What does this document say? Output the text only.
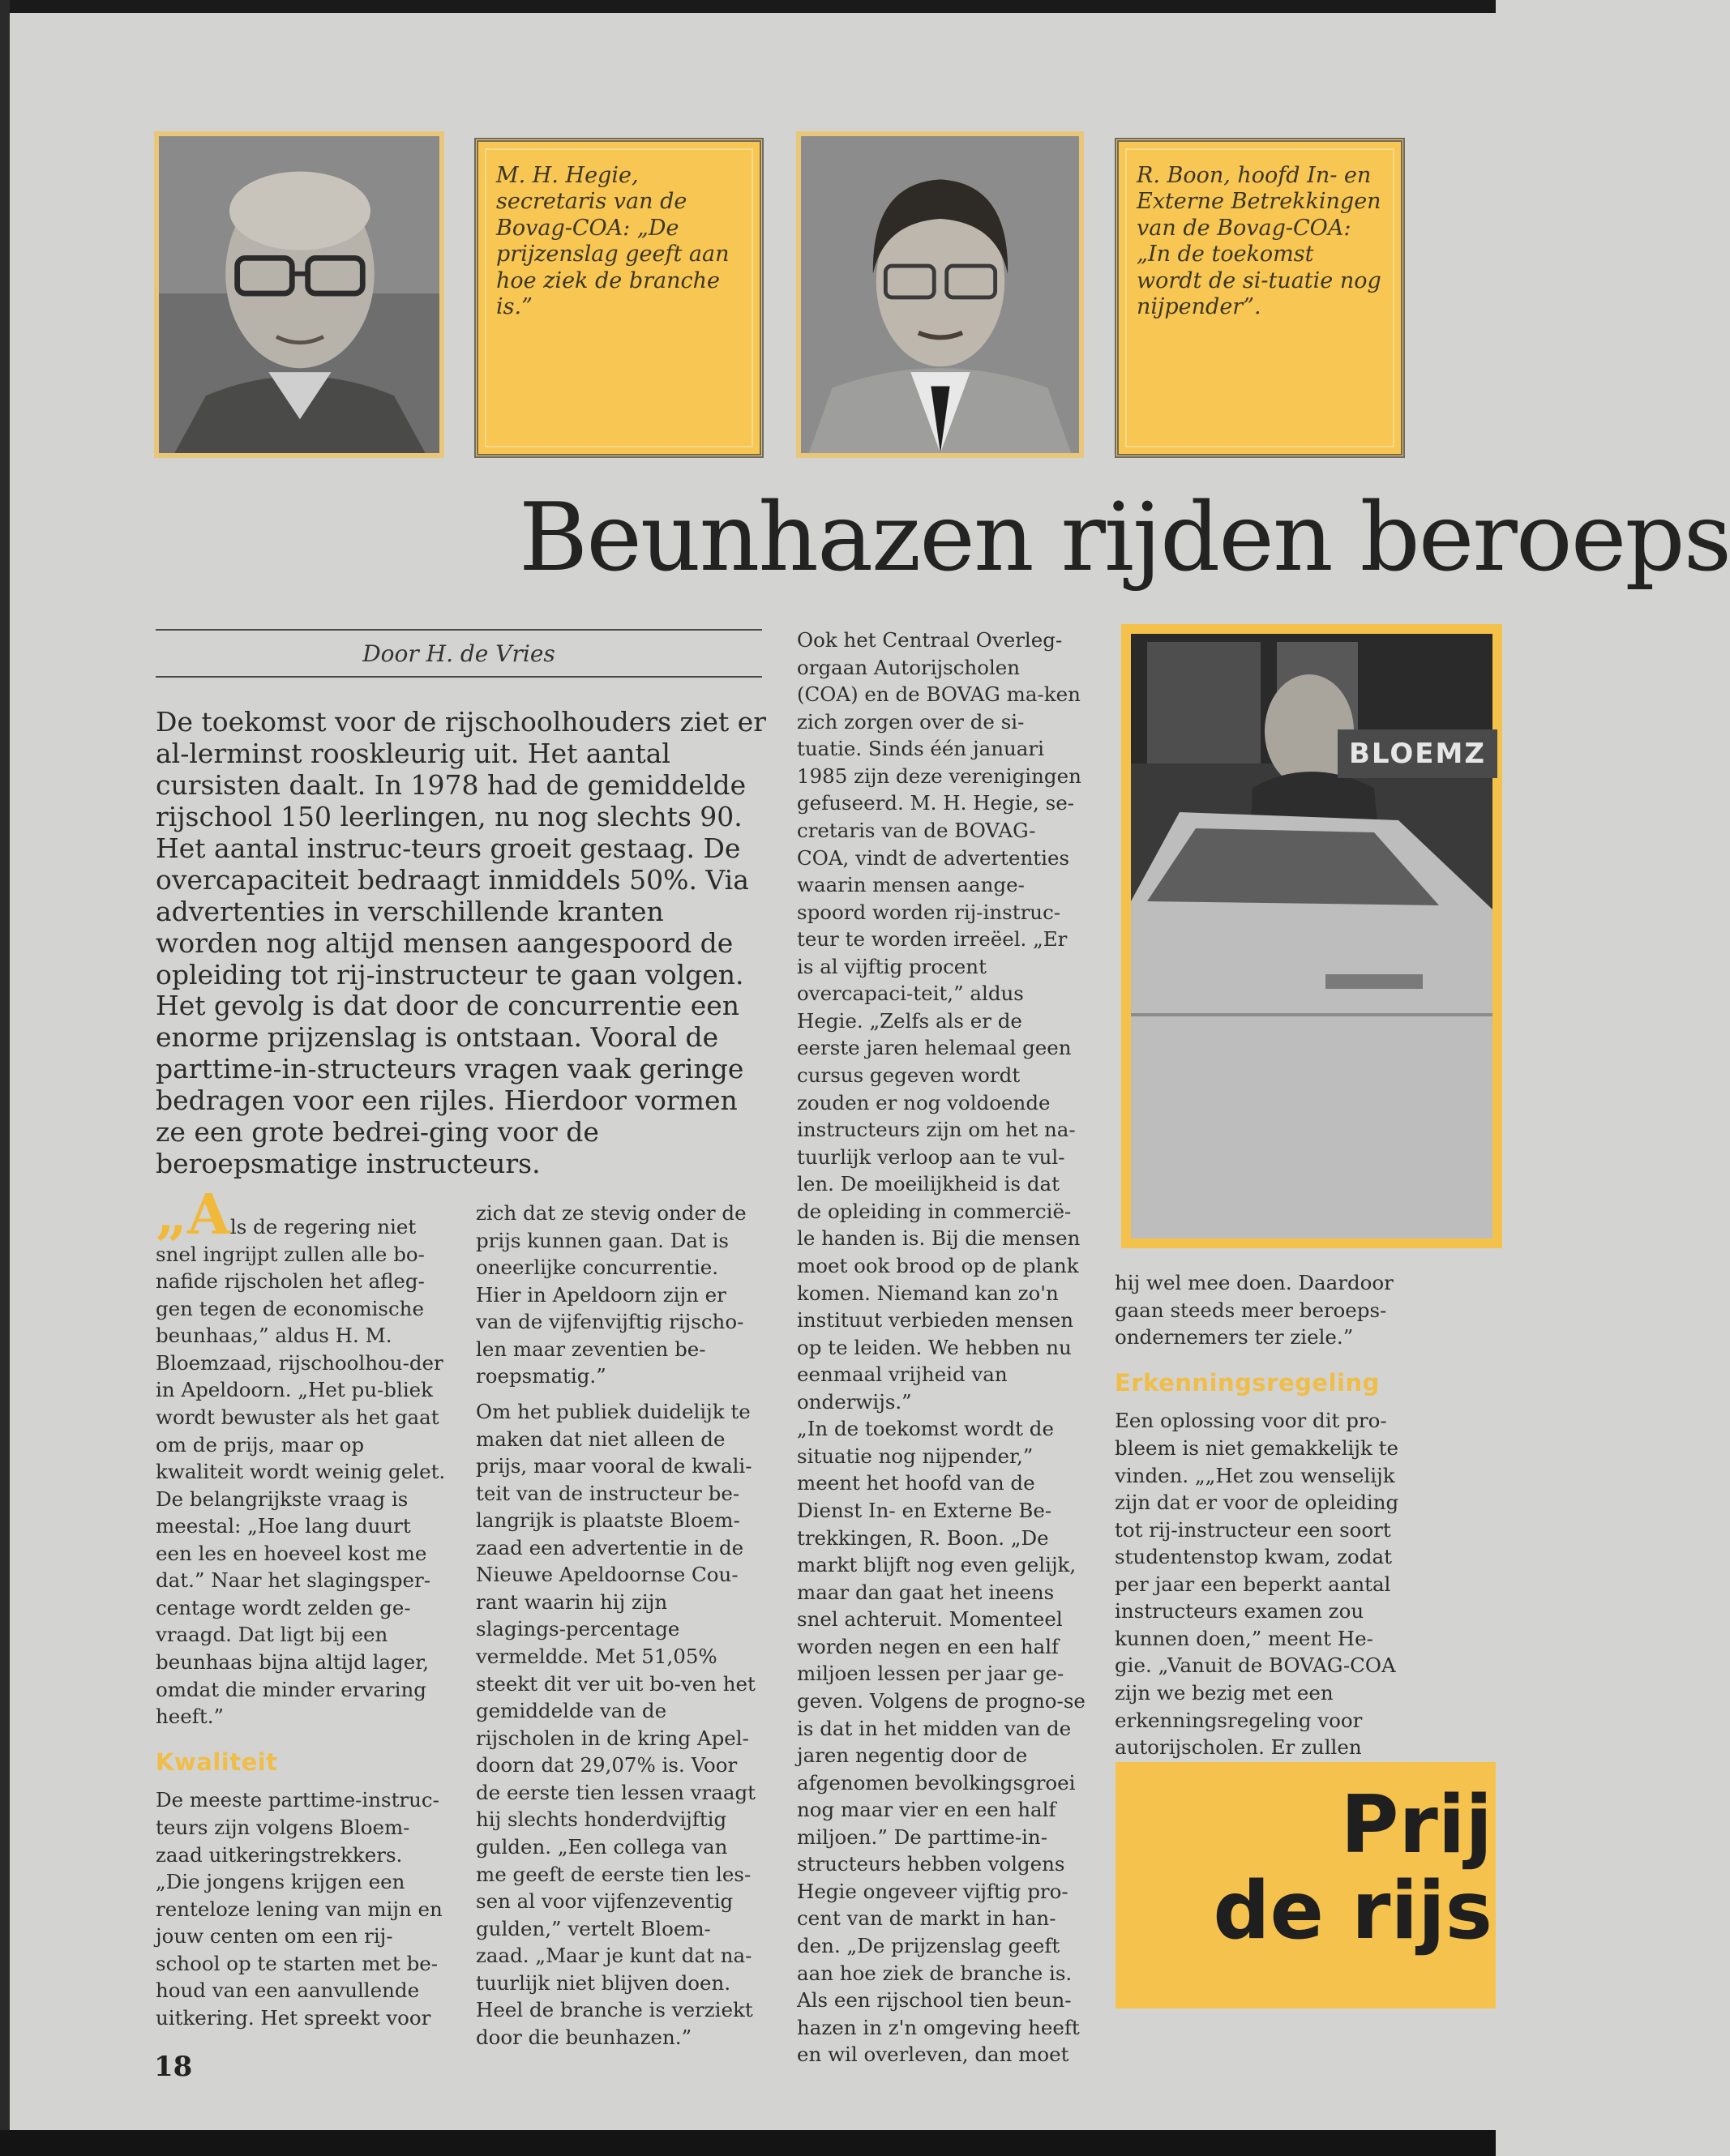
M. H. Hegie, secretaris van de Bovag-COA: „De prijzenslag geeft aan hoe ziek de branche is.”
R. Boon, hoofd In- en Externe Betrekkingen van de Bovag-COA: „In de toekomst wordt de si-tuatie nog nijpender”.
Beunhazen rijden beroeps
Door H. de Vries

De toekomst voor de rijschoolhouders ziet er al-lerminst rooskleurig uit. Het aantal cursisten daalt. In 1978 had de gemiddelde rijschool 150 leerlingen, nu nog slechts 90. Het aantal instruc-teurs groeit gestaag. De overcapaciteit bedraagt inmiddels 50%. Via advertenties in verschillende kranten worden nog altijd mensen aangespoord de opleiding tot rij-instructeur te gaan volgen. Het gevolg is dat door de concurrentie een enorme prijzenslag is ontstaan. Vooral de parttime-in-structeurs vragen vaak geringe bedragen voor een rijles. Hierdoor vormen ze een grote bedrei-ging voor de beroepsmatige instructeurs.

„Als de regering niet snel ingrijpt zullen alle bo-nafide rijscholen het afleg-gen tegen de economische beunhaas,” aldus H. M. Bloemzaad, rijschoolhou-der in Apeldoorn. „Het pu-bliek wordt bewuster als het gaat om de prijs, maar op kwaliteit wordt weinig gelet. De belangrijkste vraag is meestal: „Hoe lang duurt een les en hoeveel kost me dat.” Naar het slagingsper-centage wordt zelden ge-vraagd. Dat ligt bij een beunhaas bijna altijd lager, omdat die minder ervaring heeft.”

Kwaliteit

De meeste parttime-instruc-teurs zijn volgens Bloem-zaad uitkeringstrekkers. „Die jongens krijgen een renteloze lening van mijn en jouw centen om een rij-school op te starten met be-houd van een aanvullende uitkering. Het spreekt voor

zich dat ze stevig onder de prijs kunnen gaan. Dat is oneerlijke concurrentie. Hier in Apeldoorn zijn er van de vijfenvijftig rijscho-len maar zeventien be-roepsmatig.”

Om het publiek duidelijk te maken dat niet alleen de prijs, maar vooral de kwali-teit van de instructeur be-langrijk is plaatste Bloem-zaad een advertentie in de Nieuwe Apeldoornse Cou-rant waarin hij zijn slagings-percentage vermeldde. Met 51,05% steekt dit ver uit bo-ven het gemiddelde van de rijscholen in de kring Apel-doorn dat 29,07% is. Voor de eerste tien lessen vraagt hij slechts honderdvijftig gulden. „Een collega van me geeft de eerste tien les-sen al voor vijfenzeventig gulden,” vertelt Bloem-zaad. „Maar je kunt dat na-tuurlijk niet blijven doen. Heel de branche is verziekt door die beunhazen.”

Ook het Centraal Overleg-orgaan Autorijscholen (COA) en de BOVAG ma-ken zich zorgen over de si-tuatie. Sinds één januari 1985 zijn deze verenigingen gefuseerd. M. H. Hegie, se-cretaris van de BOVAG-COA, vindt de advertenties waarin mensen aange-spoord worden rij-instruc-teur te worden irreëel. „Er is al vijftig procent overcapaci-teit,” aldus Hegie. „Zelfs als er de eerste jaren helemaal geen cursus gegeven wordt zouden er nog voldoende instructeurs zijn om het na-tuurlijk verloop aan te vul-len. De moeilijkheid is dat de opleiding in commercië-le handen is. Bij die mensen moet ook brood op de plank komen. Niemand kan zo'n instituut verbieden mensen op te leiden. We hebben nu eenmaal vrijheid van onderwijs.”

„In de toekomst wordt de situatie nog nijpender,” meent het hoofd van de Dienst In- en Externe Be-trekkingen, R. Boon. „De markt blijft nog even gelijk, maar dan gaat het ineens snel achteruit. Momenteel worden negen en een half miljoen lessen per jaar ge-geven. Volgens de progno-se is dat in het midden van de jaren negentig door de afgenomen bevolkingsgroei nog maar vier en een half miljoen.” De parttime-in-structeurs hebben volgens Hegie ongeveer vijftig pro-cent van de markt in han-den. „De prijzenslag geeft aan hoe ziek de branche is. Als een rijschool tien beun-hazen in z'n omgeving heeft en wil overleven, dan moet

BLOEMZ

hij wel mee doen. Daardoor gaan steeds meer beroeps-ondernemers ter ziele.”

Erkenningsregeling

Een oplossing voor dit pro-bleem is niet gemakkelijk te vinden. „„Het zou wenselijk zijn dat er voor de opleiding tot rij-instructeur een soort studentenstop kwam, zodat per jaar een beperkt aantal instructeurs examen zou kunnen doen,” meent He-gie. „Vanuit de BOVAG-COA zijn we bezig met een erkenningsregeling voor autorijscholen. Er zullen

Prij
de rijs
18
